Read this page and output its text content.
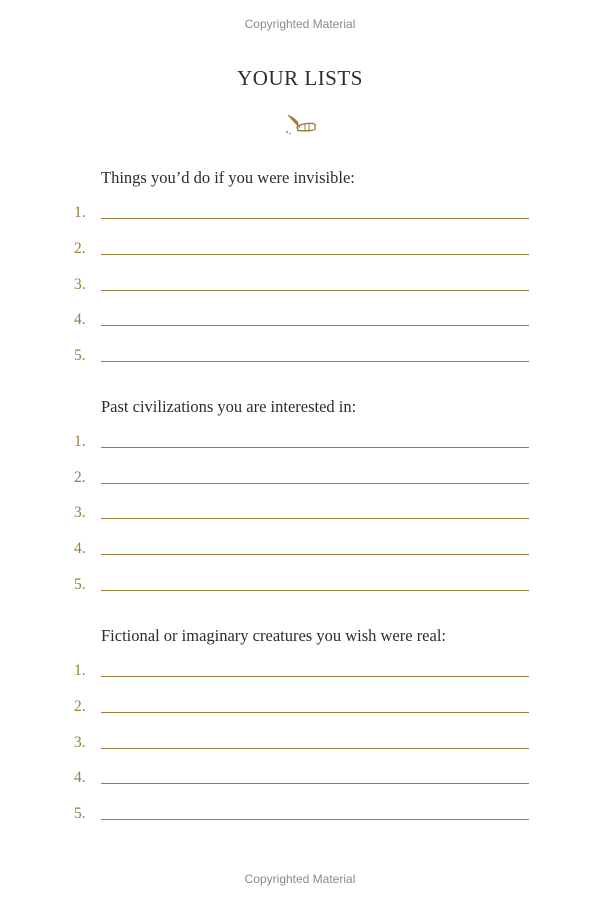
Copyrighted Material
YOUR LISTS
Things you’d do if you were invisible:
1.
2.
3.
4.
5.
Past civilizations you are interested in:
1.
2.
3.
4.
5.
Fictional or imaginary creatures you wish were real:
1.
2.
3.
4.
5.
Copyrighted Material
